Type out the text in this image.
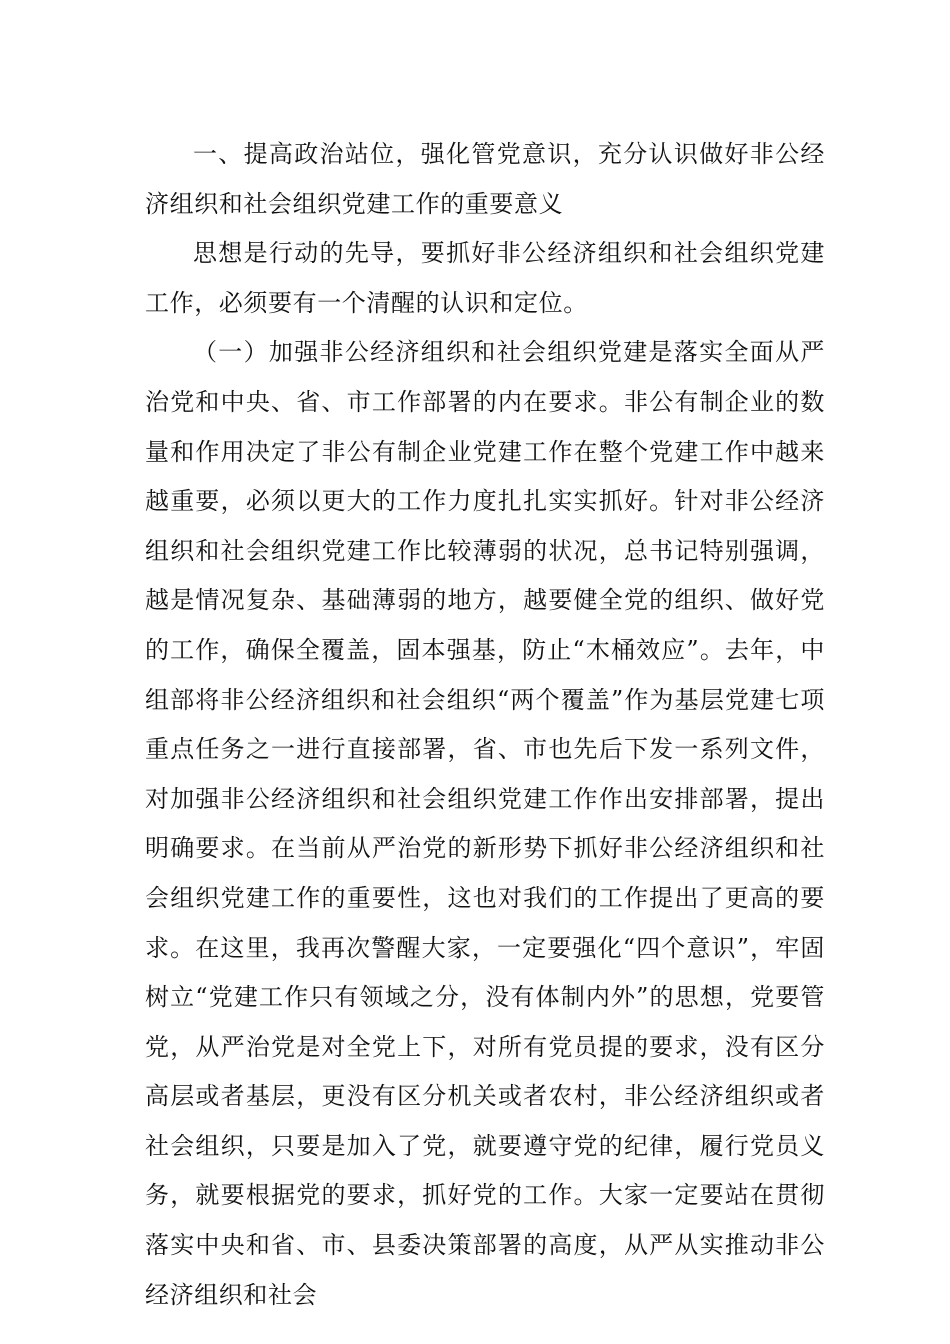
一、提高政治站位，强化管党意识，充分认识做好非公经济组织和社会组织党建工作的重要意义

思想是行动的先导，要抓好非公经济组织和社会组织党建工作，必须要有一个清醒的认识和定位。

（一）加强非公经济组织和社会组织党建是落实全面从严治党和中央、省、市工作部署的内在要求。非公有制企业的数量和作用决定了非公有制企业党建工作在整个党建工作中越来越重要，必须以更大的工作力度扎扎实实抓好。针对非公经济组织和社会组织党建工作比较薄弱的状况，总书记特别强调，越是情况复杂、基础薄弱的地方，越要健全党的组织、做好党的工作，确保全覆盖，固本强基，防止“木桶效应”。去年，中组部将非公经济组织和社会组织“两个覆盖”作为基层党建七项重点任务之一进行直接部署，省、市也先后下发一系列文件，对加强非公经济组织和社会组织党建工作作出安排部署，提出明确要求。在当前从严治党的新形势下抓好非公经济组织和社会组织党建工作的重要性，这也对我们的工作提出了更高的要求。在这里，我再次警醒大家，一定要强化“四个意识”，牢固树立“党建工作只有领域之分，没有体制内外”的思想，党要管党，从严治党是对全党上下，对所有党员提的要求，没有区分高层或者基层，更没有区分机关或者农村，非公经济组织或者社会组织，只要是加入了党，就要遵守党的纪律，履行党员义务，就要根据党的要求，抓好党的工作。大家一定要站在贯彻落实中央和省、市、县委决策部署的高度，从严从实推动非公经济组织和社会
